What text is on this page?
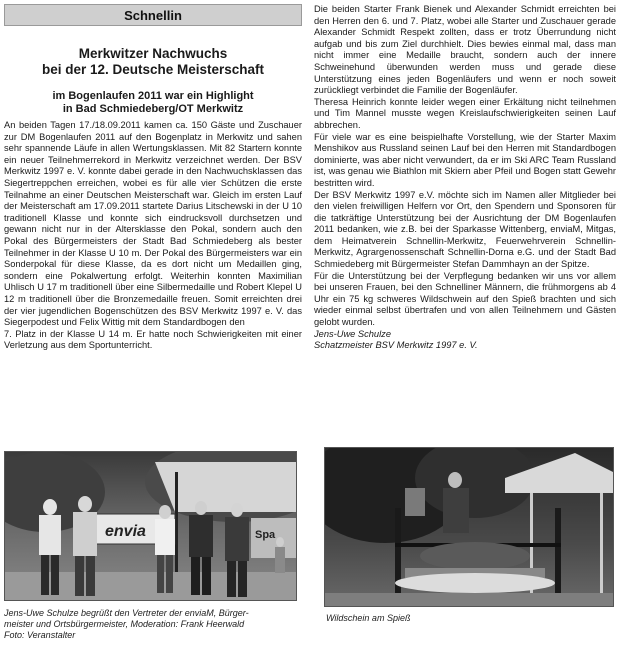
Schnellin
Merkwitzer Nachwuchs
bei der 12. Deutsche Meisterschaft
im Bogenlaufen 2011 war ein Highlight
in Bad Schmiedeberg/OT Merkwitz

An beiden Tagen 17./18.09.2011 kamen ca. 150 Gäste und Zuschauer zur DM Bogenlaufen 2011 auf den Bogenplatz in Merkwitz und sahen sehr spannende Läufe in allen Wertungsklassen. Mit 82 Startern konnte ein neuer Teilnehmerrekord in Merkwitz verzeichnet werden. Der BSV Merkwitz 1997 e. V. konnte dabei gerade in den Nachwuchsklassen das Siegertreppchen erreichen, wobei es für alle vier Schützen die erste Teilnahme an einer Deutschen Meisterschaft war. Gleich im ersten Lauf der Meisterschaft am 17.09.2011 startete Darius Litschewski in der U 10 traditionell Klasse und konnte sich eindrucksvoll durchsetzen und gewann nicht nur in der Altersklasse den Pokal, sondern auch den Pokal des Bürgermeisters der Stadt Bad Schmiedeberg als bester Teilnehmer in der Klasse U 10 m. Der Pokal des Bürgermeisters war ein Sonderpokal für diese Klasse, da es dort nicht um Medaillen ging, sondern eine Pokalwertung erfolgt. Weiterhin konnten Maximilian Uhlisch U 17 m traditionell über eine Silbermedaille und Robert Klepel U 12 m traditionell über die Bronzemedaille freuen. Somit erreichten drei der vier jugendlichen Bogenschützen des BSV Merkwitz 1997 e. V. das Siegerpodest und Felix Wittig mit dem Standardbogen den

7. Platz in der Klasse U 14 m. Er hatte noch Schwierigkeiten mit einer Verletzung aus dem Sportunterricht.

Die beiden Starter Frank Bienek und Alexander Schmidt erreichten bei den Herren den 6. und 7. Platz, wobei alle Starter und Zuschauer gerade Alexander Schmidt Respekt zollten, dass er trotz Überrundung nicht aufgab und bis zum Ziel durchhielt. Dies bewies einmal mal, dass man nicht immer eine Medaille braucht, sondern auch der innere Schweinehund überwunden werden muss und gerade diese Unterstützung eines jeden Bogenläufers und wenn er noch soweit zurückliegt verbindet die Familie der Bogenläufer.

Theresa Heinrich konnte leider wegen einer Erkältung nicht teilnehmen und Tim Mannel musste wegen Kreislaufschwierigkeiten seinen Lauf abbrechen.

Für viele war es eine beispielhafte Vorstellung, wie der Starter Maxim Menshikov aus Russland seinen Lauf bei den Herren mit Standardbogen dominierte, was aber nicht verwundert, da er im Ski ARC Team Russland ist, was genau wie Biathlon mit Skiern aber Pfeil und Bogen statt Gewehr bestritten wird.

Der BSV Merkwitz 1997 e.V. möchte sich im Namen aller Mitglieder bei den vielen freiwilligen Helfern vor Ort, den Spendern und Sponsoren für die tatkräftige Unterstützung bei der Ausrichtung der DM Bogenlaufen 2011 bedanken, wie z.B. bei der Sparkasse Wittenberg, enviaM, Mitgas, dem Heimatverein Schnellin-Merkwitz, Feuerwehrverein Schnellin-Merkwitz, Agrargenossenschaft Schnellin-Dorna e.G. und der Stadt Bad Schmiedeberg mit Bürgermeister Stefan Dammhayn an der Spitze.

Für die Unterstützung bei der Verpflegung bedanken wir uns vor allem bei unseren Frauen, bei den Schnelliner Männern, die frühmorgens ab 4 Uhr ein 75 kg schweres Wildschwein auf den Spieß brachten und sich wieder einmal selbst übertrafen und von allen Teilnehmern und Gästen gelobt wurden.

Jens-Uwe Schulze

Schatzmeister BSV Merkwitz 1997 e. V.

envia	Spa
Jens-Uwe Schulze begrüßt den Vertreter der enviaM, Bürger-
meister und Ortsbürgermeister, Moderation: Frank Heerwald
Foto: Veranstalter
Wildschein am Spieß
